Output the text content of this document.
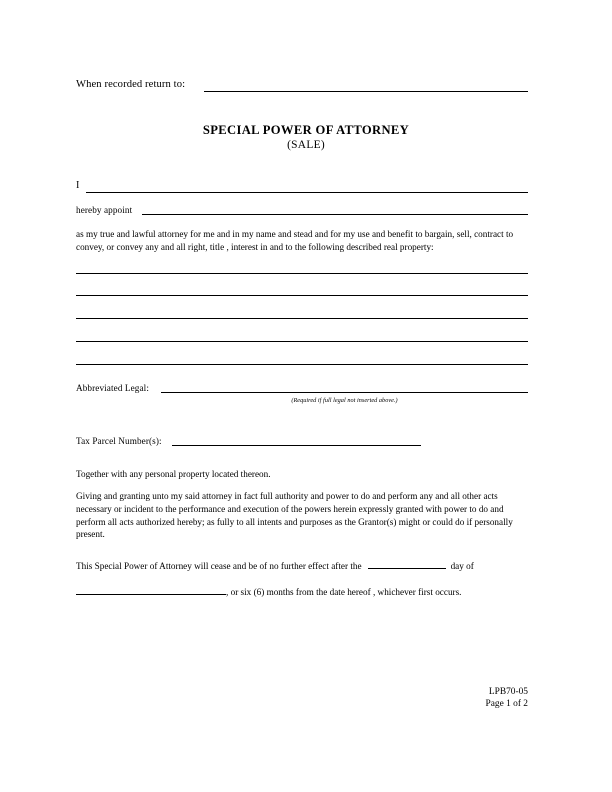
When recorded return to:
SPECIAL POWER OF ATTORNEY
(SALE)
I
hereby appoint
as my true and lawful attorney for me and in my name and stead and for my use and benefit to bargain, sell, contract to convey, or convey any and all right, title , interest in and to the following described real property:
Abbreviated Legal:
(Required if full legal not inserted above.)
Tax Parcel Number(s):
Together with any personal property located thereon.
Giving and granting unto my said attorney in fact full authority and power to do and perform any and all other acts necessary or incident to the performance and execution of the powers herein expressly granted with power to do and perform all acts authorized hereby; as fully to all intents and purposes as the Grantor(s) might or could do if personally present.
This Special Power of Attorney will cease and be of no further effect after the	day of
, or six (6) months from the date hereof , whichever first occurs.
LPB70-05
Page 1 of 2
